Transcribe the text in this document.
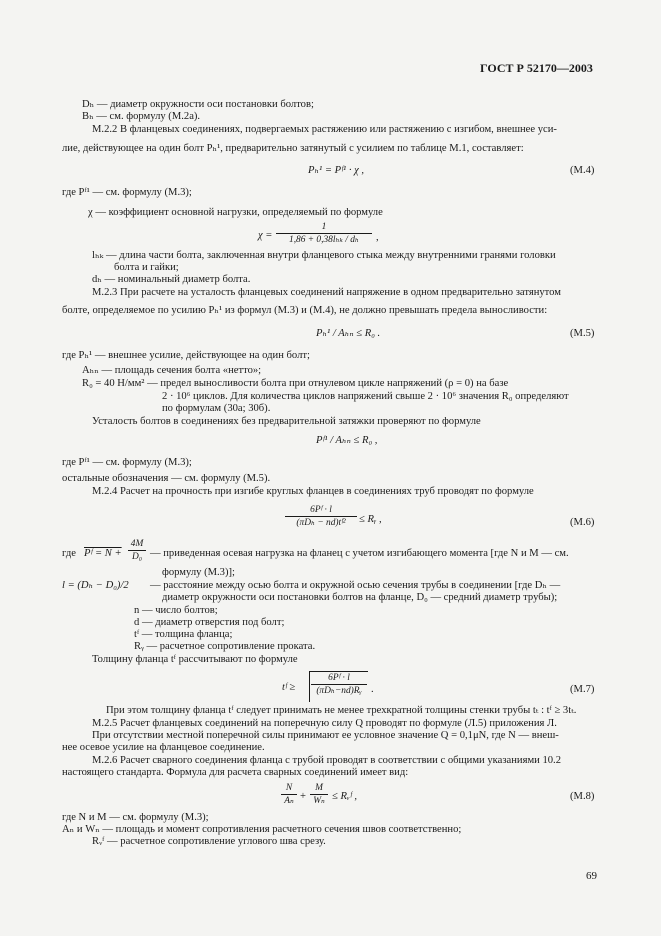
ГОСТ Р 52170—2003
Dₕ — диаметр окружности оси постановки болтов;
Bₕ — см. формулу (М.2а).
М.2.2 В фланцевых соединениях, подвергаемых растяжению или растяжению с изгибом, внешнее уси-
лие, действующее на один болт Pₕ¹, предварительно затянутый с усилием по таблице М.1, составляет:
Pₕ¹ = Pᶠ¹ · χ ,	(М.4)
где Pᶠ¹ — см. формулу (М.3);
χ — коэффициент основной нагрузки, определяемый по формуле
χ =
1
1,86 + 0,38lₕₖ / dₕ	,
lₕₖ — длина части болта, заключенная внутри фланцевого стыка между внутренними гранями головки
болта и гайки;
dₕ — номинальный диаметр болта.
М.2.3 При расчете на усталость фланцевых соединений напряжение в одном предварительно затянутом
болте, определяемое по усилию Pₕ¹ из формул (М.3) и (М.4), не должно превышать предела выносливости:
Pₕ¹ / Aₕₙ ≤ R₀ .	(М.5)
где Pₕ¹ — внешнее усилие, действующее на один болт;
Aₕₙ — площадь сечения болта «нетто»;
R₀ = 40 Н/мм² — предел выносливости болта при отнулевом цикле напряжений (ρ = 0) на базе
2 · 10⁶ циклов. Для количества циклов напряжений свыше 2 · 10⁶ значения R₀ определяют
по формулам (30а; 30б).
Усталость болтов в соединениях без предварительной затяжки проверяют по формуле
Pᶠ¹ / Aₕₙ ≤ R₀ ,
где Pᶠ¹ — см. формулу (М.3);
остальные обозначения — см. формулу (М.5).
М.2.4 Расчет на прочность при изгибе круглых фланцев в соединениях труб проводят по формуле
6Pᶠ · l
(πDₕ − nd)tᶠ²	≤ Rᵧ ,	(М.6)
где Pᶠ = N +
4M
D₀ — приведенная осевая нагрузка на фланец с учетом изгибающего момента [где N и M — см.
формулу (М.3)];
l = (Dₕ − D₀)/2 — расстояние между осью болта и окружной осью сечения трубы в соединении [где Dₕ —
диаметр окружности оси постановки болтов на фланце, D₀ — средний диаметр трубы);
n — число болтов;
d — диаметр отверстия под болт;
tᶠ — толщина фланца;
Rᵧ — расчетное сопротивление проката.
Толщину фланца tᶠ рассчитывают по формуле
tᶠ ≥
6Pᶠ · l
(πDₕ−nd)Rᵧ .	(М.7)
При этом толщину фланца tᶠ следует принимать не менее трехкратной толщины стенки трубы tₜ : tᶠ ≥ 3tₜ.
М.2.5 Расчет фланцевых соединений на поперечную силу Q проводят по формуле (Л.5) приложения Л.
При отсутствии местной поперечной силы принимают ее условное значение Q = 0,1μN, где N — внеш-
нее осевое усилие на фланцевое соединение.
М.2.6 Расчет сварного соединения фланца с трубой проводят в соответствии с общими указаниями 10.2
настоящего стандарта. Формула для расчета сварных соединений имеет вид:
N
Aₙ +
M
Wₙ ≤ Rᵥᶠ ,	(М.8)
где N и M — см. формулу (М.3);
Aₙ и Wₙ — площадь и момент сопротивления расчетного сечения швов соответственно;
Rᵥᶠ — расчетное сопротивление углового шва срезу.
69
